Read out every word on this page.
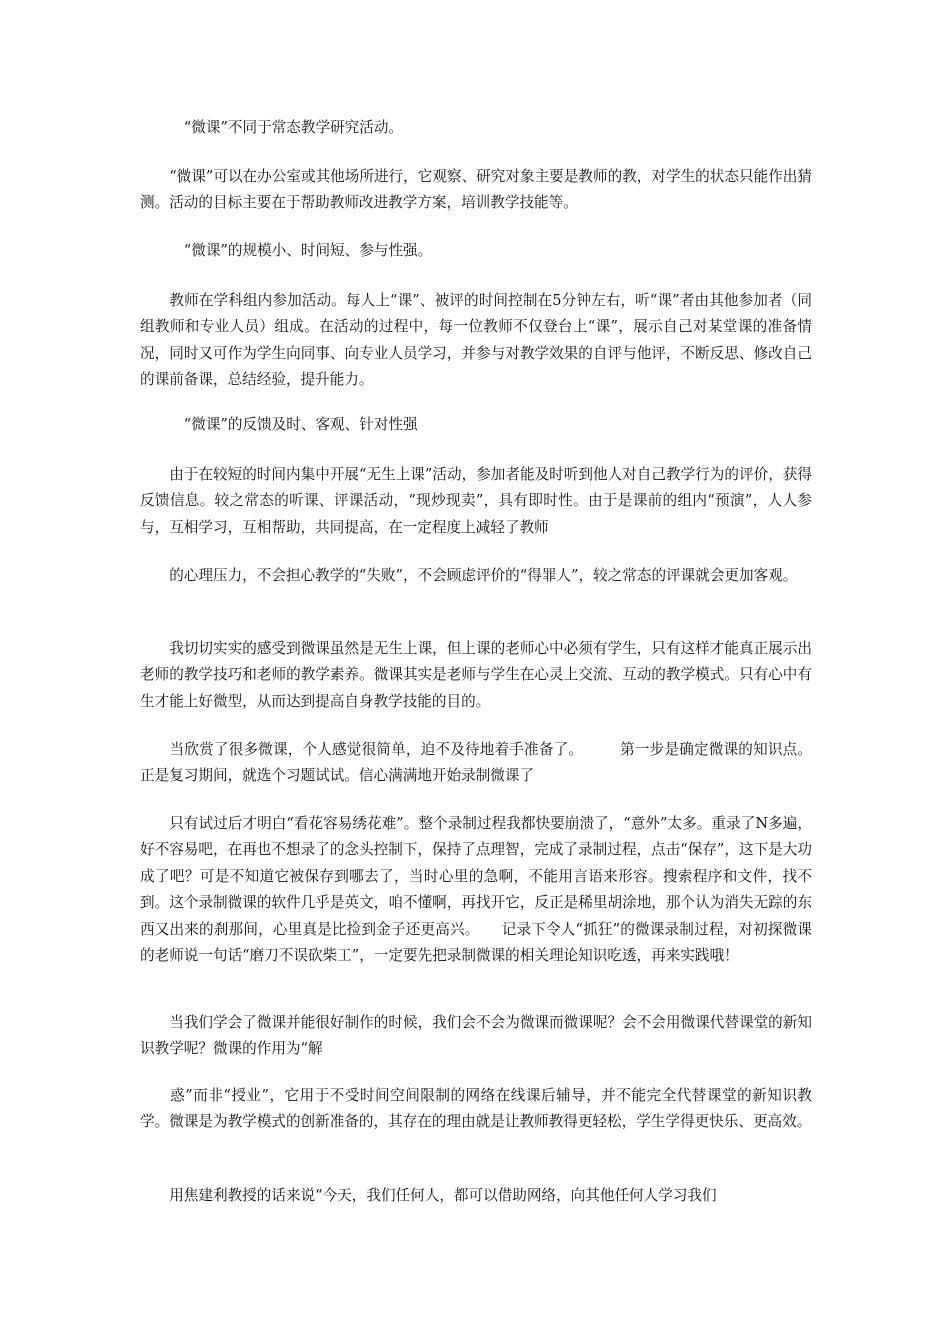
　　　“微课”不同于常态教学研究活动。

　　“微课”可以在办公室或其他场所进行，它观察、研究对象主要是教师的教，对学生的状态只能作出猜测。活动的目标主要在于帮助教师改进教学方案，培训教学技能等。

　　　“微课”的规模小、时间短、参与性强。

　　教师在学科组内参加活动。每人上“课”、被评的时间控制在5分钟左右，听“课”者由其他参加者（同组教师和专业人员）组成。在活动的过程中，每一位教师不仅登台上“课”，展示自己对某堂课的准备情况，同时又可作为学生向同事、向专业人员学习，并参与对教学效果的自评与他评，不断反思、修改自己的课前备课，总结经验，提升能力。

　　　“微课”的反馈及时、客观、针对性强

　　由于在较短的时间内集中开展“无生上课”活动，参加者能及时听到他人对自己教学行为的评价，获得反馈信息。较之常态的听课、评课活动，“现炒现卖”，具有即时性。由于是课前的组内“预演”，人人参与，互相学习，互相帮助，共同提高，在一定程度上减轻了教师

　　的心理压力，不会担心教学的“失败”，不会顾虑评价的“得罪人”，较之常态的评课就会更加客观。

　　我切切实实的感受到微课虽然是无生上课，但上课的老师心中必须有学生，只有这样才能真正展示出老师的教学技巧和老师的教学素养。微课其实是老师与学生在心灵上交流、互动的教学模式。只有心中有生才能上好微型，从而达到提高自身教学技能的目的。

　　当欣赏了很多微课，个人感觉很简单，迫不及待地着手准备了。　　　第一步是确定微课的知识点。正是复习期间，就选个习题试试。信心满满地开始录制微课了

　　只有试过后才明白“看花容易绣花难”。整个录制过程我都快要崩溃了，“意外”太多。重录了N多遍，好不容易吧，在再也不想录了的念头控制下，保持了点理智，完成了录制过程，点击“保存”，这下是大功成了吧？可是不知道它被保存到哪去了，当时心里的急啊，不能用言语来形容。搜索程序和文件，找不到。这个录制微课的软件几乎是英文，咱不懂啊，再找开它，反正是稀里胡涂地，那个认为消失无踪的东西又出来的刹那间，心里真是比捡到金子还更高兴。　　记录下令人“抓狂”的微课录制过程，对初探微课的老师说一句话“磨刀不误砍柴工”，一定要先把录制微课的相关理论知识吃透，再来实践哦！

　　当我们学会了微课并能很好制作的时候，我们会不会为微课而微课呢？会不会用微课代替课堂的新知识教学呢？微课的作用为“解

　　惑”而非“授业”，它用于不受时间空间限制的网络在线课后辅导，并不能完全代替课堂的新知识教学。微课是为教学模式的创新准备的，其存在的理由就是让教师教得更轻松，学生学得更快乐、更高效。

　　用焦建利教授的话来说“今天，我们任何人，都可以借助网络，向其他任何人学习我们
